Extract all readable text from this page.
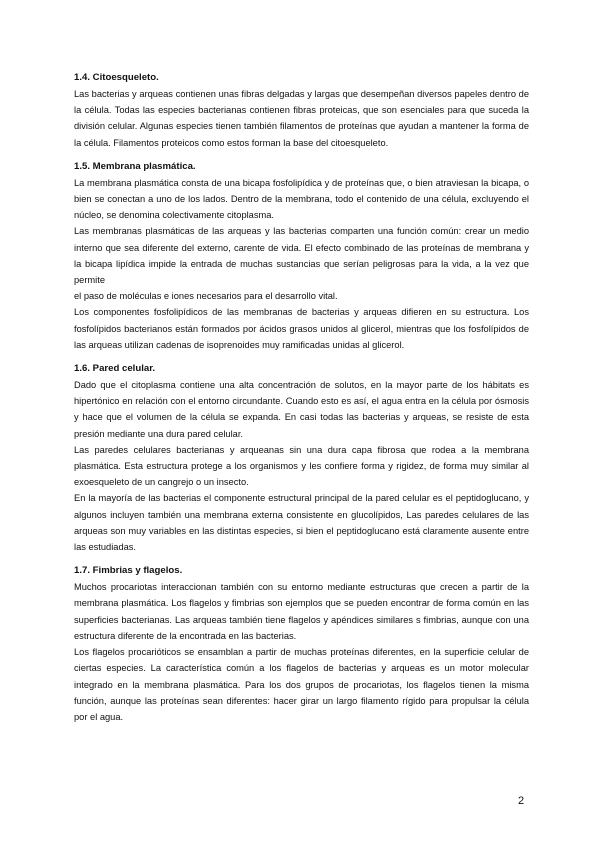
1.4. Citoesqueleto.

Las bacterias y arqueas contienen unas fibras delgadas y largas que desempeñan diversos papeles dentro de la célula. Todas las especies bacterianas contienen fibras proteicas, que son esenciales para que suceda la división celular. Algunas especies tienen también filamentos de proteínas que ayudan a mantener la forma de la célula. Filamentos proteicos como estos forman la base del citoesqueleto.

1.5. Membrana plasmática.

La membrana plasmática consta de una bicapa fosfolipídica y de proteínas que, o bien atraviesan la bicapa, o bien se conectan a uno de los lados. Dentro de la membrana, todo el contenido de una célula, excluyendo el núcleo, se denomina colectivamente citoplasma.

Las membranas plasmáticas de las arqueas y las bacterias comparten una función común: crear un medio interno que sea diferente del externo, carente de vida. El efecto combinado de las proteínas de membrana y la bicapa lipídica impide la entrada de muchas sustancias que serían peligrosas para la vida, a la vez que permite

el paso de moléculas e iones necesarios para el desarrollo vital.

Los componentes fosfolipídicos de las membranas de bacterias y arqueas difieren en su estructura. Los fosfolípidos bacterianos están formados por ácidos grasos unidos al glicerol, mientras que los fosfolípidos de las arqueas utilizan cadenas de isoprenoides muy ramificadas unidas al glicerol.

1.6. Pared celular.

Dado que el citoplasma contiene una alta concentración de solutos, en la mayor parte de los hábitats es hipertónico en relación con el entorno circundante. Cuando esto es así, el agua entra en la célula por ósmosis y hace que el volumen de la célula se expanda. En casi todas las bacterias y arqueas, se resiste de esta presión mediante una dura pared celular.

Las paredes celulares bacterianas y arqueanas sin una dura capa fibrosa que rodea a la membrana plasmática. Esta estructura protege a los organismos y les confiere forma y rigidez, de forma muy similar al exoesqueleto de un cangrejo o un insecto.

En la mayoría de las bacterias el componente estructural principal de la pared celular es el peptidoglucano, y algunos incluyen también una membrana externa consistente en glucolípidos, Las paredes celulares de las arqueas son muy variables en las distintas especies, si bien el peptidoglucano está claramente ausente entre las estudiadas.

1.7. Fimbrias y flagelos.

Muchos procariotas interaccionan también con su entorno mediante estructuras que crecen a partir de la membrana plasmática. Los flagelos y fimbrias son ejemplos que se pueden encontrar de forma común en las superficies bacterianas. Las arqueas también tiene flagelos y apéndices similares s fimbrias, aunque con una estructura diferente de la encontrada en las bacterias.

Los flagelos procarióticos se ensamblan a partir de muchas proteínas diferentes, en la superficie celular de ciertas especies. La característica común a los flagelos de bacterias y arqueas es un motor molecular integrado en la membrana plasmática. Para los dos grupos de procariotas, los flagelos tienen la misma función, aunque las proteínas sean diferentes: hacer girar un largo filamento rígido para propulsar la célula por el agua.

2
